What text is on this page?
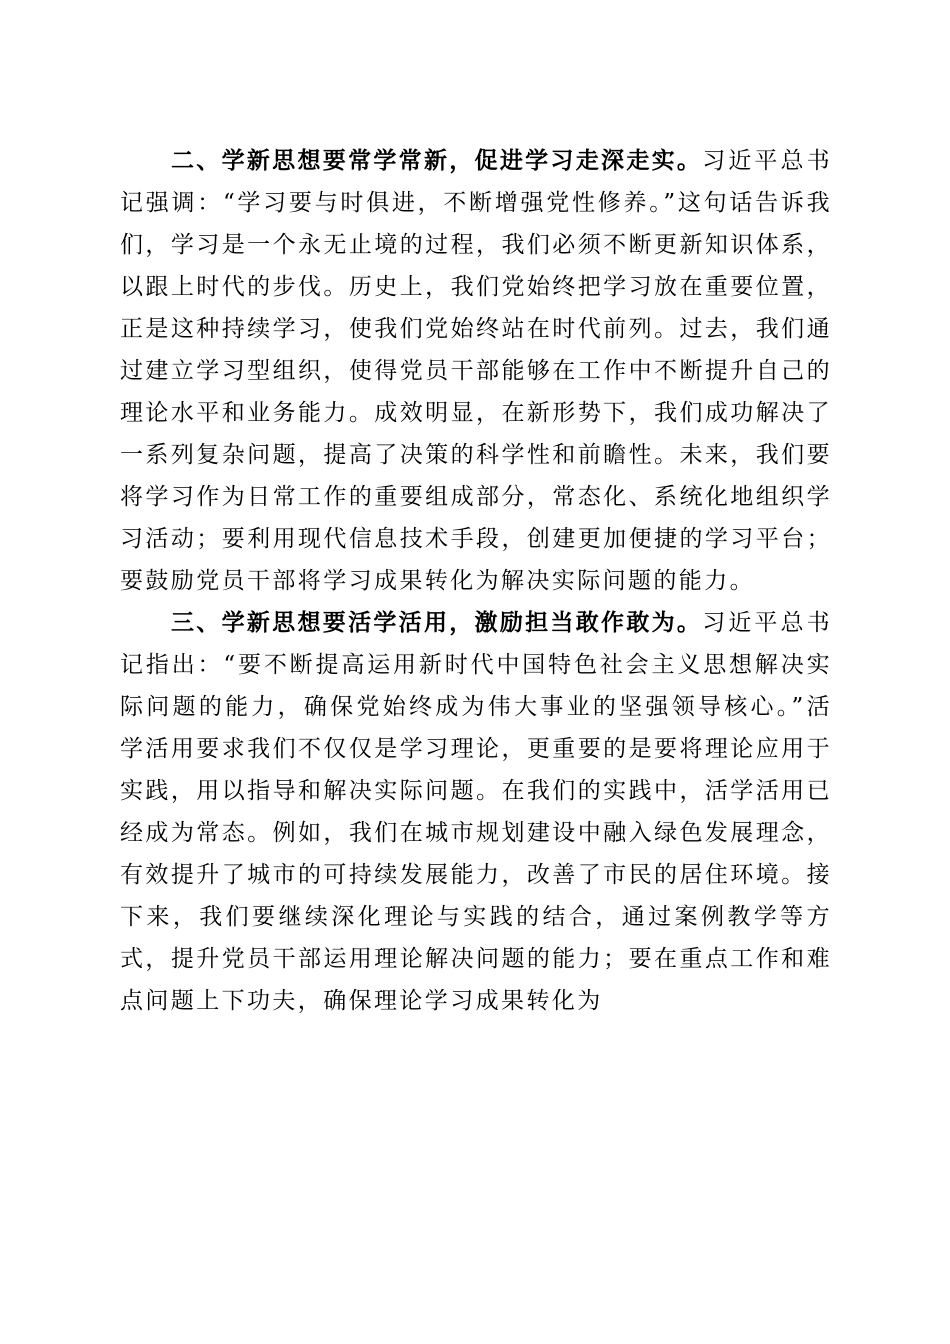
二、学新思想要常学常新，促进学习走深走实。习近平总书记强调：“学习要与时俱进，不断增强党性修养。”这句话告诉我们，学习是一个永无止境的过程，我们必须不断更新知识体系，以跟上时代的步伐。历史上，我们党始终把学习放在重要位置，正是这种持续学习，使我们党始终站在时代前列。过去，我们通过建立学习型组织，使得党员干部能够在工作中不断提升自己的理论水平和业务能力。成效明显，在新形势下，我们成功解决了一系列复杂问题，提高了决策的科学性和前瞻性。未来，我们要将学习作为日常工作的重要组成部分，常态化、系统化地组织学习活动；要利用现代信息技术手段，创建更加便捷的学习平台；要鼓励党员干部将学习成果转化为解决实际问题的能力。

三、学新思想要活学活用，激励担当敢作敢为。习近平总书记指出：“要不断提高运用新时代中国特色社会主义思想解决实际问题的能力，确保党始终成为伟大事业的坚强领导核心。”活学活用要求我们不仅仅是学习理论，更重要的是要将理论应用于实践，用以指导和解决实际问题。在我们的实践中，活学活用已经成为常态。例如，我们在城市规划建设中融入绿色发展理念，有效提升了城市的可持续发展能力，改善了市民的居住环境。接下来，我们要继续深化理论与实践的结合，通过案例教学等方式，提升党员干部运用理论解决问题的能力；要在重点工作和难点问题上下功夫，确保理论学习成果转化为
